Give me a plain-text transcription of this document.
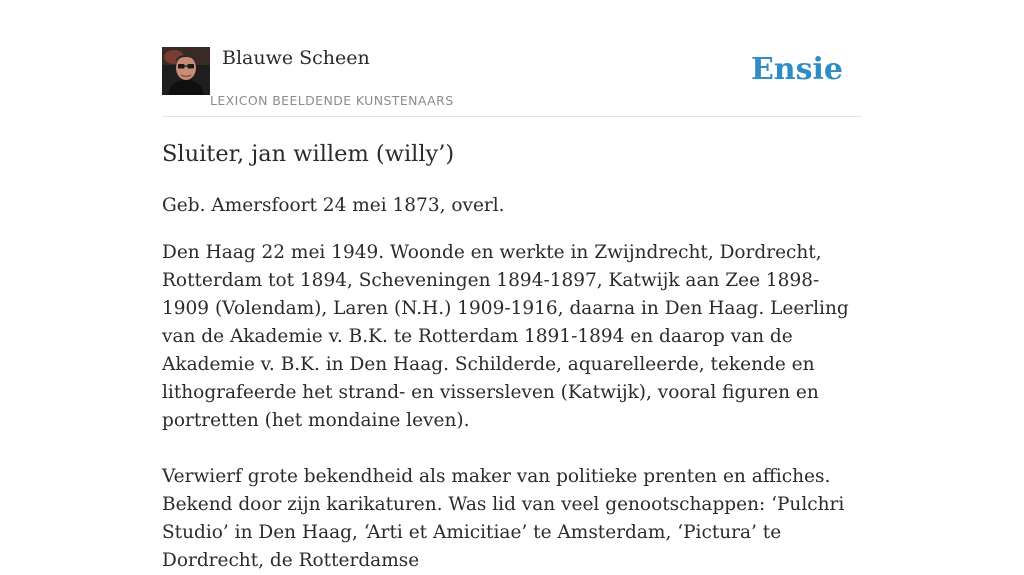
Blauwe Scheen
LEXICON BEELDENDE KUNSTENAARS
Ensie
Sluiter, jan willem (willy’)

Geb. Amersfoort 24 mei 1873, overl.

Den Haag 22 mei 1949. Woonde en werkte in Zwijndrecht, Dordrecht, Rotterdam tot 1894, Scheveningen 1894-1897, Katwijk aan Zee 1898-1909 (Volendam), Laren (N.H.) 1909-1916, daarna in Den Haag. Leerling van de Akademie v. B.K. te Rotterdam 1891-1894 en daarop van de Akademie v. B.K. in Den Haag. Schilderde, aquarelleerde, tekende en lithografeerde het strand- en vissersleven (Katwijk), vooral figuren en portretten (het mondaine leven).

Verwierf grote bekendheid als maker van politieke prenten en affiches. Bekend door zijn karikaturen. Was lid van veel genootschappen: ‘Pulchri Studio’ in Den Haag, ‘Arti et Amicitiae’ te Amsterdam, ‘Pictura’ te Dordrecht, de Rotterdamse
